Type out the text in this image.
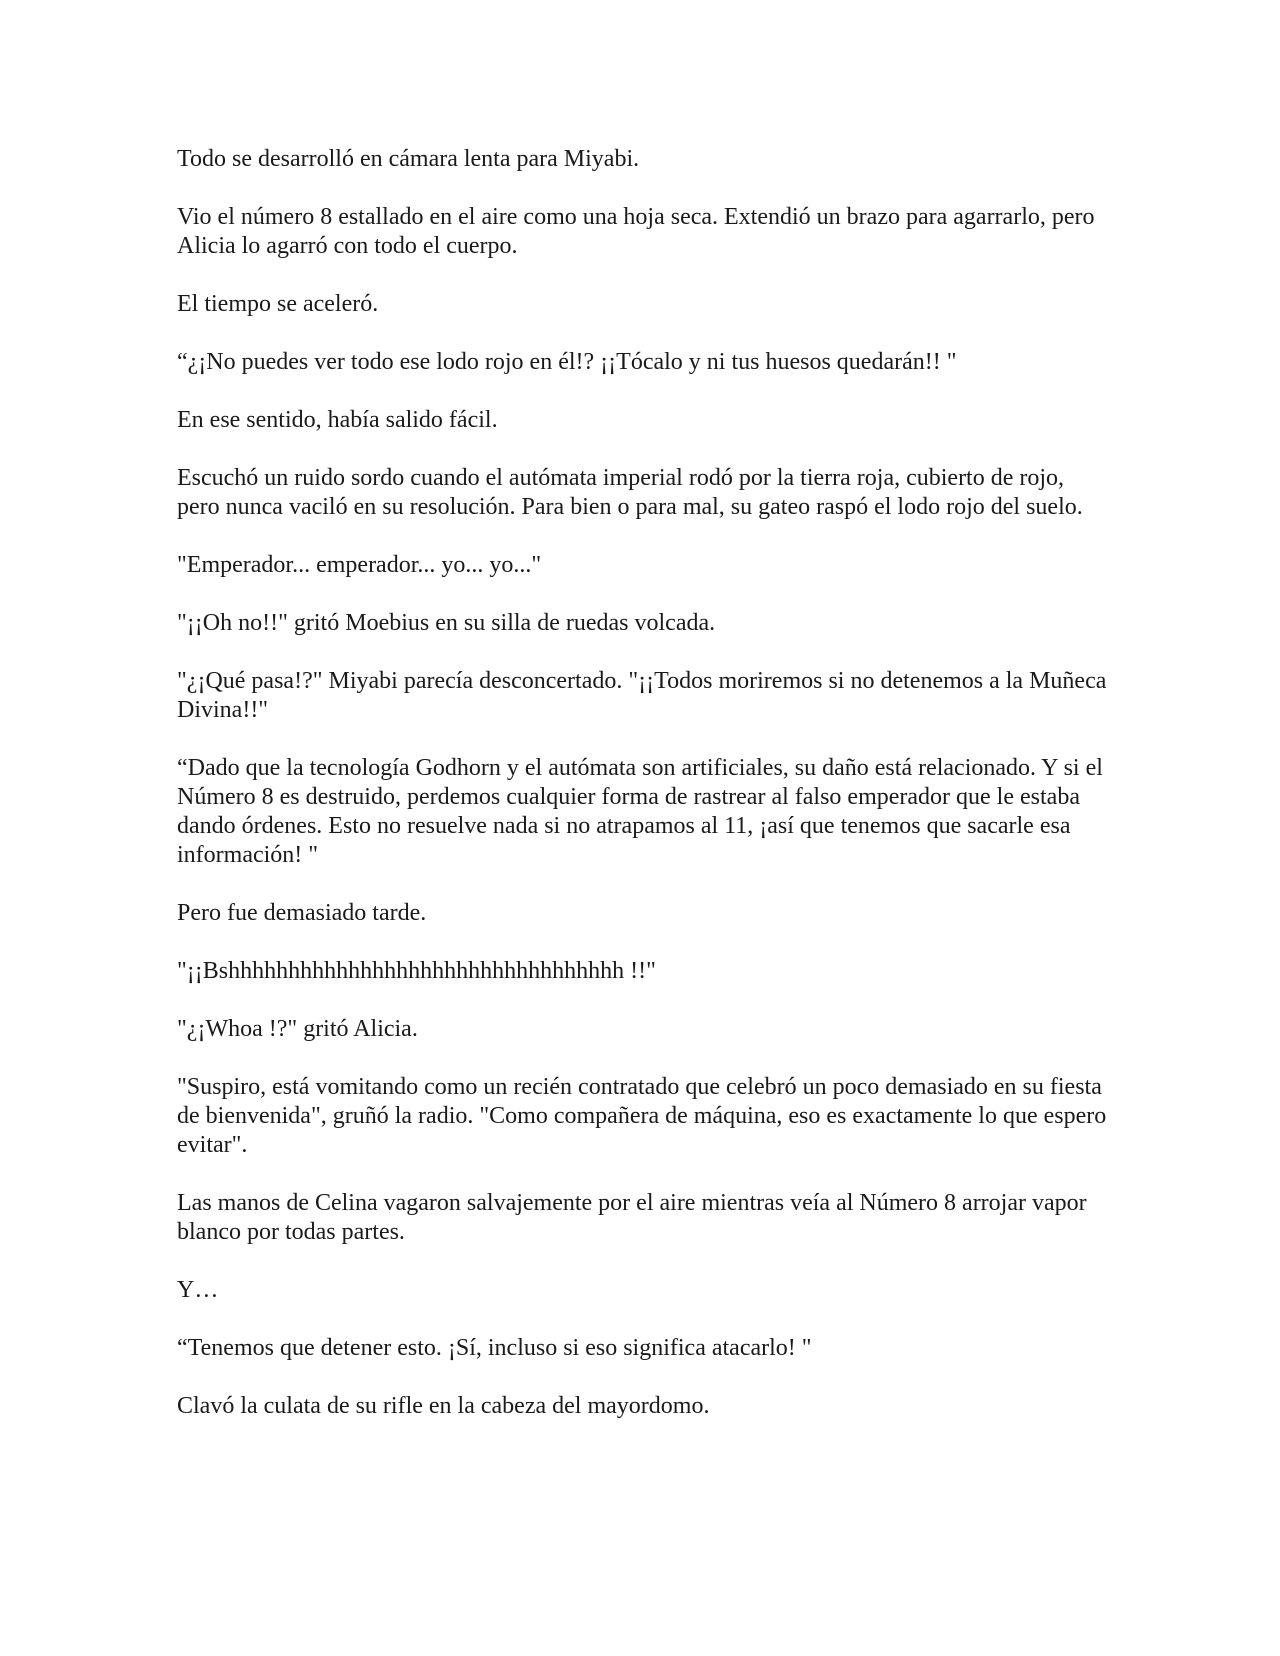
Todo se desarrolló en cámara lenta para Miyabi.

Vio el número 8 estallado en el aire como una hoja seca. Extendió un brazo para agarrarlo, pero Alicia lo agarró con todo el cuerpo.

El tiempo se aceleró.

“¿¡No puedes ver todo ese lodo rojo en él!? ¡¡Tócalo y ni tus huesos quedarán!! "

En ese sentido, había salido fácil.

Escuchó un ruido sordo cuando el autómata imperial rodó por la tierra roja, cubierto de rojo, pero nunca vaciló en su resolución. Para bien o para mal, su gateo raspó el lodo rojo del suelo.

"Emperador... emperador... yo... yo..."

"¡¡Oh no!!" gritó Moebius en su silla de ruedas volcada.

"¿¡Qué pasa!?" Miyabi parecía desconcertado. "¡¡Todos moriremos si no detenemos a la Muñeca Divina!!"

“Dado que la tecnología Godhorn y el autómata son artificiales, su daño está relacionado. Y si el Número 8 es destruido, perdemos cualquier forma de rastrear al falso emperador que le estaba dando órdenes. Esto no resuelve nada si no atrapamos al 11, ¡así que tenemos que sacarle esa información! "

Pero fue demasiado tarde.

"¡¡Bshhhhhhhhhhhhhhhhhhhhhhhhhhhhhhhhh !!"

"¿¡Whoa !?" gritó Alicia.

"Suspiro, está vomitando como un recién contratado que celebró un poco demasiado en su fiesta de bienvenida", gruñó la radio. "Como compañera de máquina, eso es exactamente lo que espero evitar".

Las manos de Celina vagaron salvajemente por el aire mientras veía al Número 8 arrojar vapor blanco por todas partes.

Y…

“Tenemos que detener esto. ¡Sí, incluso si eso significa atacarlo! "

Clavó la culata de su rifle en la cabeza del mayordomo.
